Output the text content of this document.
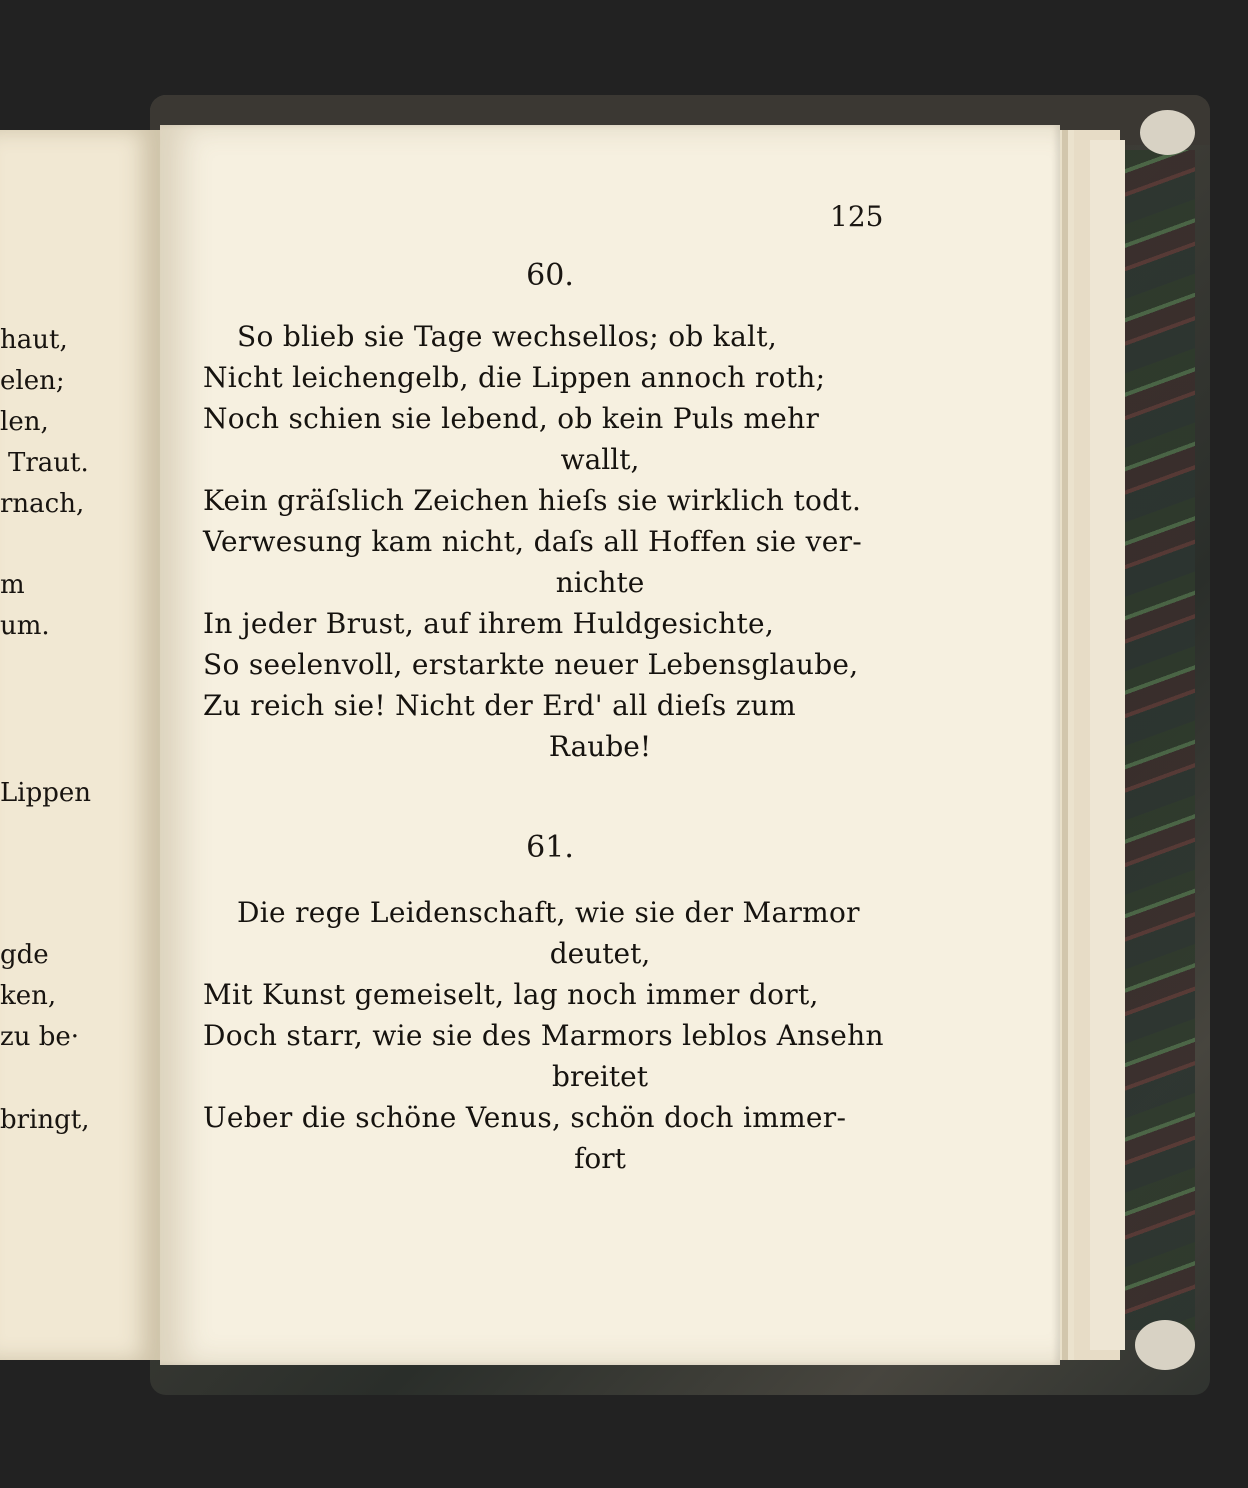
haut,
elen;
len,
Traut.
rnach,
m
um.
Lippen
gde
ken,
zu be·
bringt,
125
60.
So blieb sie Tage wechsellos; ob kalt,
Nicht leichengelb, die Lippen annoch roth;
Noch schien sie lebend, ob kein Puls mehr
wallt,
Kein gräſslich Zeichen hieſs sie wirklich todt.
Verwesung kam nicht, daſs all Hoffen sie ver-
nichte
In jeder Brust, auf ihrem Huldgesichte,
So seelenvoll, erstarkte neuer Lebensglaube,
Zu reich sie! Nicht der Erd' all dieſs zum
Raube!
61.
Die rege Leidenschaft, wie sie der Marmor
deutet,
Mit Kunst gemeiselt, lag noch immer dort,
Doch starr, wie sie des Marmors leblos Ansehn
breitet
Ueber die schöne Venus, schön doch immer-
fort
